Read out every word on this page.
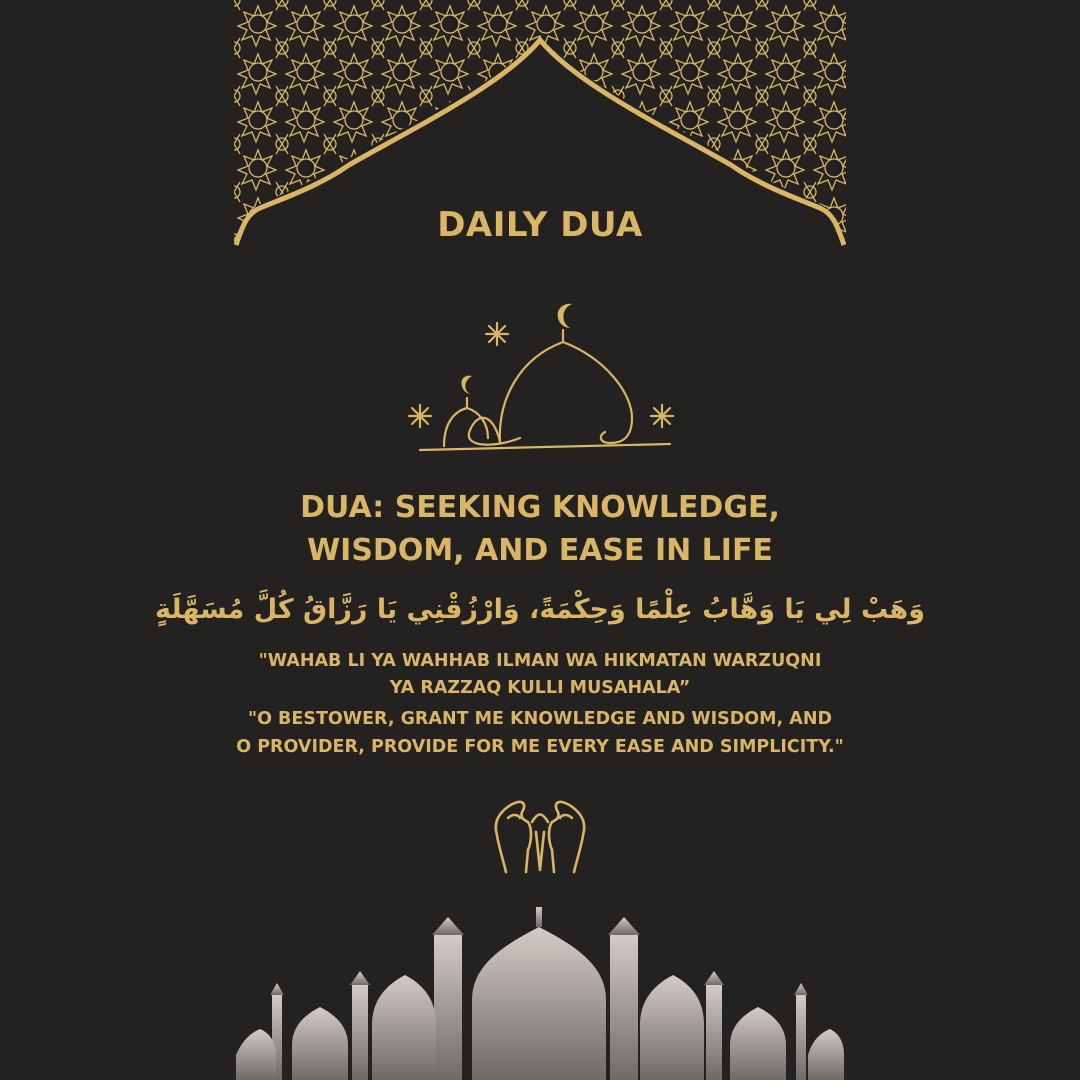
DAILY DUA
DUA: SEEKING KNOWLEDGE,
WISDOM, AND EASE IN LIFE
وَهَبْ لِي يَا وَهَّابُ عِلْمًا وَحِكْمَةً، وَارْزُقْنِي يَا رَزَّاقُ كُلَّ مُسَهَّلَةٍ
"WAHAB LI YA WAHHAB ILMAN WA HIKMATAN WARZUQNI
YA RAZZAQ KULLI MUSAHALA”
"O BESTOWER, GRANT ME KNOWLEDGE AND WISDOM, AND
O PROVIDER, PROVIDE FOR ME EVERY EASE AND SIMPLICITY."
